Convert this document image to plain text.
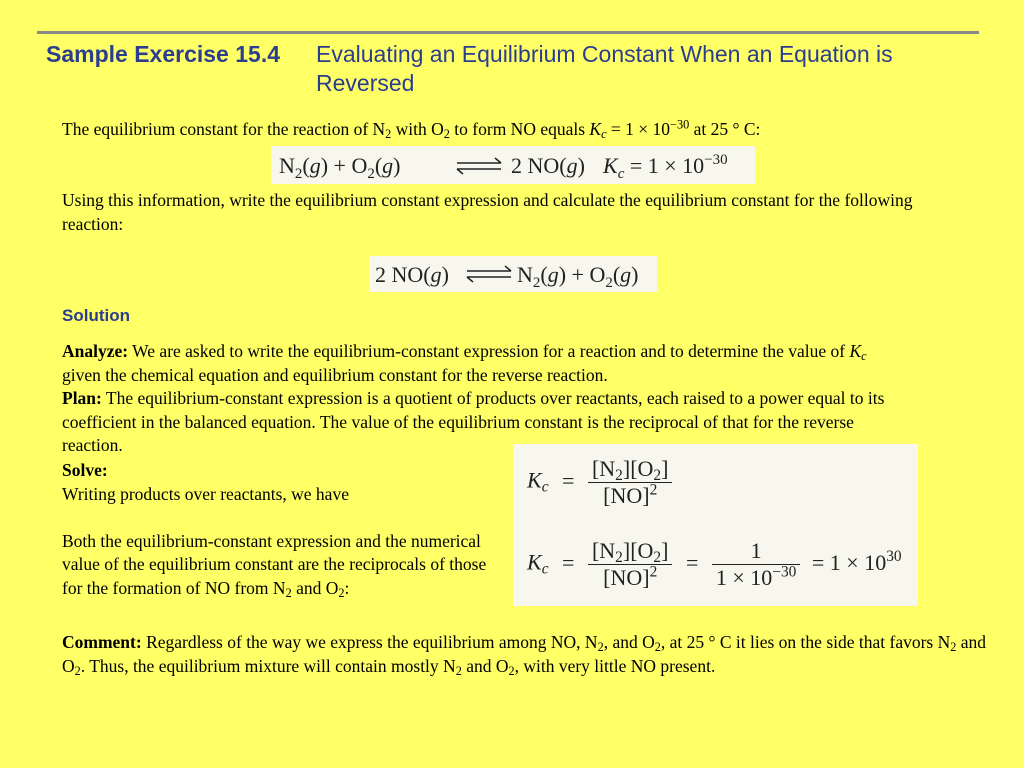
Sample Exercise 15.4 Evaluating an Equilibrium Constant When an Equation is Reversed
The equilibrium constant for the reaction of $N_2$ with $O_2$ to form NO equals $K_c = 1 \times 10^{-30}$ at 25 ° C:
$N_2(g) + O_2(g)$	2 NO(g) $K_c = 1 \times 10^{-30}$
Using this information, write the equilibrium constant expression and calculate the equilibrium constant for the following reaction:
2 NO(g)	$N_2(g) + O_2(g)$
Solution
Analyze: We are asked to write the equilibrium-constant expression for a reaction and to determine the value of $K_c$ given the chemical equation and equilibrium constant for the reverse reaction.
Plan: The equilibrium-constant expression is a quotient of products over reactants, each raised to a power equal to its coefficient in the balanced equation. The value of the equilibrium constant is the reciprocal of that for the reverse reaction.
Solve:
Writing products over reactants, we have

Both the equilibrium-constant expression and the numerical value of the equilibrium constant are the reciprocals of those for the formation of NO from $N_2$ and $O_2$:
$K_c = \frac{[N_2][O_2]}{[NO]^2}$
$K_c = \frac{[N_2][O_2]}{[NO]^2} = \frac{1}{1 \times 10^{-30}} = 1 \times 10^{30}$
Comment: Regardless of the way we express the equilibrium among NO, $N_2$, and $O_2$, at 25 ° C it lies on the side that favors $N_2$ and $O_2$. Thus, the equilibrium mixture will contain mostly $N_2$ and $O_2$, with very little NO present.
